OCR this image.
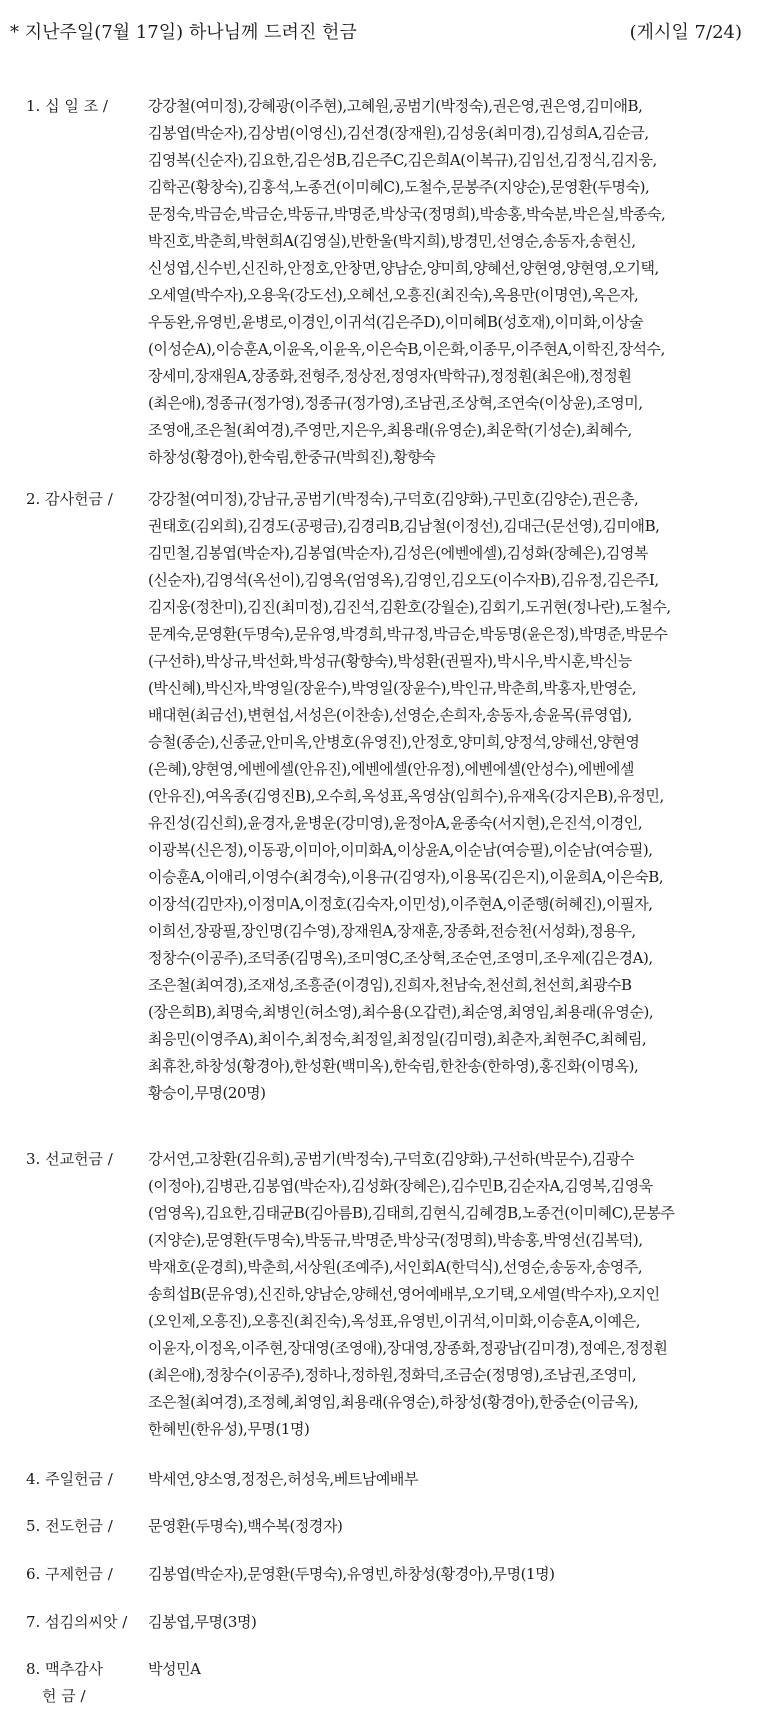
* 지난주일(7월 17일) 하나님께 드려진 헌금	(게시일 7/24)
1. 십 일 조 /	강강철(여미정),강혜광(이주현),고혜원,공범기(박정숙),권은영,권은영,김미애B,
김봉엽(박순자),김상범(이영신),김선경(장재원),김성웅(최미경),김성희A,김순금,
김영복(신순자),김요한,김은성B,김은주C,김은희A(이복규),김임선,김정식,김지웅,
김학곤(황창숙),김홍석,노종건(이미혜C),도철수,문봉주(지양순),문영환(두명숙),
문정숙,박금순,박금순,박동규,박명준,박상국(정명희),박송홍,박숙분,박은실,박종숙,
박진호,박춘희,박현희A(김영실),반한울(박지희),방경민,선영순,송동자,송현신,
신성엽,신수빈,신진하,안정호,안창면,양남순,양미희,양혜선,양현영,양현영,오기택,
오세열(박수자),오용욱(강도선),오혜선,오흥진(최진숙),옥용만(이명연),옥은자,
우동완,유영빈,윤병로,이경인,이귀석(김은주D),이미혜B(성호재),이미화,이상술
(이성순A),이승훈A,이윤옥,이윤옥,이은숙B,이은화,이종무,이주현A,이학진,장석수,
장세미,장재원A,장종화,전형주,정상전,정영자(박학규),정정훤(최은애),정정훤
(최은애),정종규(정가영),정종규(정가영),조남권,조상혁,조연숙(이상윤),조영미,
조영애,조은철(최여경),주영만,지은우,최용래(유영순),최운학(기성순),최혜수,
하창성(황경아),한숙림,한중규(박희진),황향숙
2. 감사헌금 /	강강철(여미정),강남규,공범기(박정숙),구덕호(김양화),구민호(김양순),권은총,
권태호(김외희),김경도(공평금),김경리B,김남철(이정선),김대근(문선영),김미애B,
김민철,김봉엽(박순자),김봉엽(박순자),김성은(에벤에셀),김성화(장혜은),김영복
(신순자),김영석(옥선이),김영옥(엄영옥),김영인,김오도(이수자B),김유정,김은주I,
김지웅(정찬미),김진(최미정),김진석,김환호(강월순),김회기,도귀현(정나란),도철수,
문계숙,문영환(두명숙),문유영,박경희,박규정,박금순,박동명(윤은정),박명준,박문수
(구선하),박상규,박선화,박성규(황향숙),박성환(권필자),박시우,박시훈,박신능
(박신혜),박신자,박영일(장윤수),박영일(장윤수),박인규,박춘희,박홍자,반영순,
배대현(최금선),변현섭,서성은(이찬송),선영순,손희자,송동자,송윤목(류영엽),
승철(종순),신종균,안미옥,안병호(유영진),안정호,양미희,양정석,양해선,양현영
(은혜),양현영,에벤에셀(안유진),에벤에셀(안유정),에벤에셀(안성수),에벤에셀
(안유진),여옥종(김영진B),오수희,옥성표,옥영삼(임희수),유재옥(강지은B),유정민,
유진성(김신희),윤경자,윤병운(강미영),윤정아A,윤종숙(서지현),은진석,이경인,
이광복(신은정),이동광,이미아,이미화A,이상윤A,이순남(여승필),이순남(여승필),
이승훈A,이애리,이영수(최경숙),이용규(김영자),이용목(김은지),이윤희A,이은숙B,
이장석(김만자),이정미A,이정호(김숙자,이민성),이주현A,이준행(허혜진),이필자,
이희선,장광필,장인명(김수영),장재원A,장재훈,장종화,전승천(서성화),정용우,
정창수(이공주),조덕종(김명옥),조미영C,조상혁,조순연,조영미,조우제(김은경A),
조은철(최여경),조재성,조흥준(이경임),진희자,천남숙,천선희,천선희,최광수B
(장은희B),최명숙,최병인(허소영),최수용(오갑련),최순영,최영임,최용래(유영순),
최응민(이영주A),최이수,최정숙,최정일,최정일(김미령),최춘자,최현주C,최혜림,
최휴찬,하창성(황경아),한성환(백미옥),한숙림,한찬송(한하영),홍진화(이명옥),
황승이,무명(20명)
3. 선교헌금 /	강서연,고창환(김유희),공범기(박정숙),구덕호(김양화),구선하(박문수),김광수
(이정아),김병관,김봉엽(박순자),김성화(장혜은),김수민B,김순자A,김영복,김영욱
(엄영옥),김요한,김태균B(김아름B),김태희,김현식,김혜경B,노종건(이미혜C),문봉주
(지양순),문영환(두명숙),박동규,박명준,박상국(정명희),박송홍,박영선(김복덕),
박재호(운경희),박춘희,서상원(조예주),서인회A(한덕식),선영순,송동자,송영주,
송희섭B(문유영),신진하,양남순,양해선,영어예배부,오기택,오세열(박수자),오지인
(오인제,오흥진),오흥진(최진숙),옥성표,유영빈,이귀석,이미화,이승훈A,이예은,
이윤자,이정옥,이주현,장대영(조영애),장대영,장종화,정광남(김미경),정예은,정정훤
(최은애),정창수(이공주),정하나,정하원,정화덕,조금순(정명영),조남권,조영미,
조은철(최여경),조정혜,최영임,최용래(유영순),하창성(황경아),한중순(이금옥),
한혜빈(한유성),무명(1명)
4. 주일헌금 /	박세연,양소영,정정은,허성욱,베트남예배부
5. 전도헌금 /	문영환(두명숙),백수복(정경자)
6. 구제헌금 /	김봉엽(박순자),문영환(두명숙),유영빈,하창성(황경아),무명(1명)
7. 섬김의씨앗 /	김봉엽,무명(3명)
8. 맥추감사
헌 금 /
박성민A
